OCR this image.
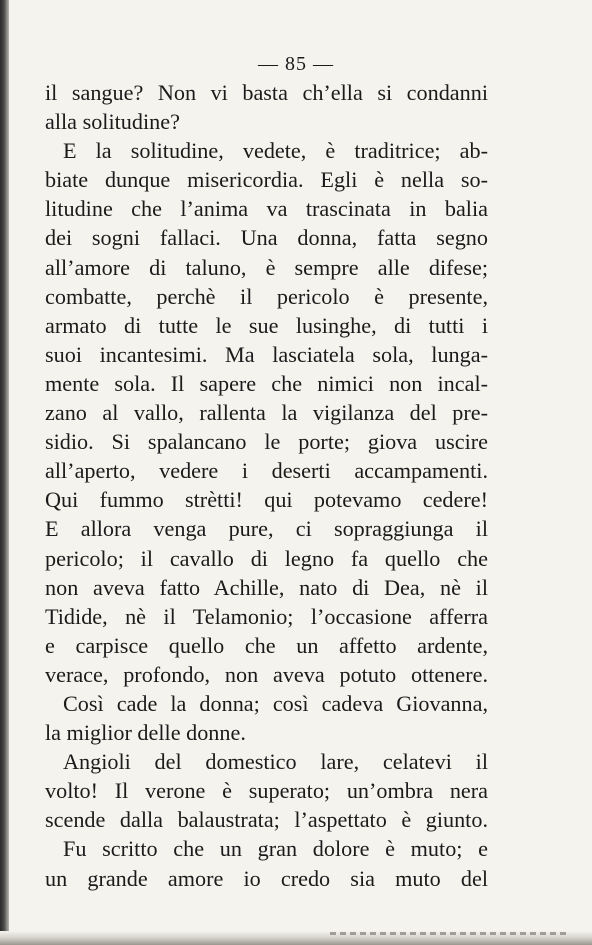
— 85 —
il sangue? Non vi basta ch’ella si condanni
alla solitudine?
E la solitudine, vedete, è traditrice; ab-
biate dunque misericordia. Egli è nella so-
litudine che l’anima va trascinata in balia
dei sogni fallaci. Una donna, fatta segno
all’amore di taluno, è sempre alle difese;
combatte, perchè il pericolo è presente,
armato di tutte le sue lusinghe, di tutti i
suoi incantesimi. Ma lasciatela sola, lunga-
mente sola. Il sapere che nimici non incal-
zano al vallo, rallenta la vigilanza del pre-
sidio. Si spalancano le porte; giova uscire
all’aperto, vedere i deserti accampamenti.
Qui fummo strètti! qui potevamo cedere!
E allora venga pure, ci sopraggiunga il
pericolo; il cavallo di legno fa quello che
non aveva fatto Achille, nato di Dea, nè il
Tidide, nè il Telamonio; l’occasione afferra
e carpisce quello che un affetto ardente,
verace, profondo, non aveva potuto ottenere.
Così cade la donna; così cadeva Giovanna,
la miglior delle donne.
Angioli del domestico lare, celatevi il
volto! Il verone è superato; un’ombra nera
scende dalla balaustrata; l’aspettato è giunto.
Fu scritto che un gran dolore è muto; e
un grande amore io credo sia muto del
